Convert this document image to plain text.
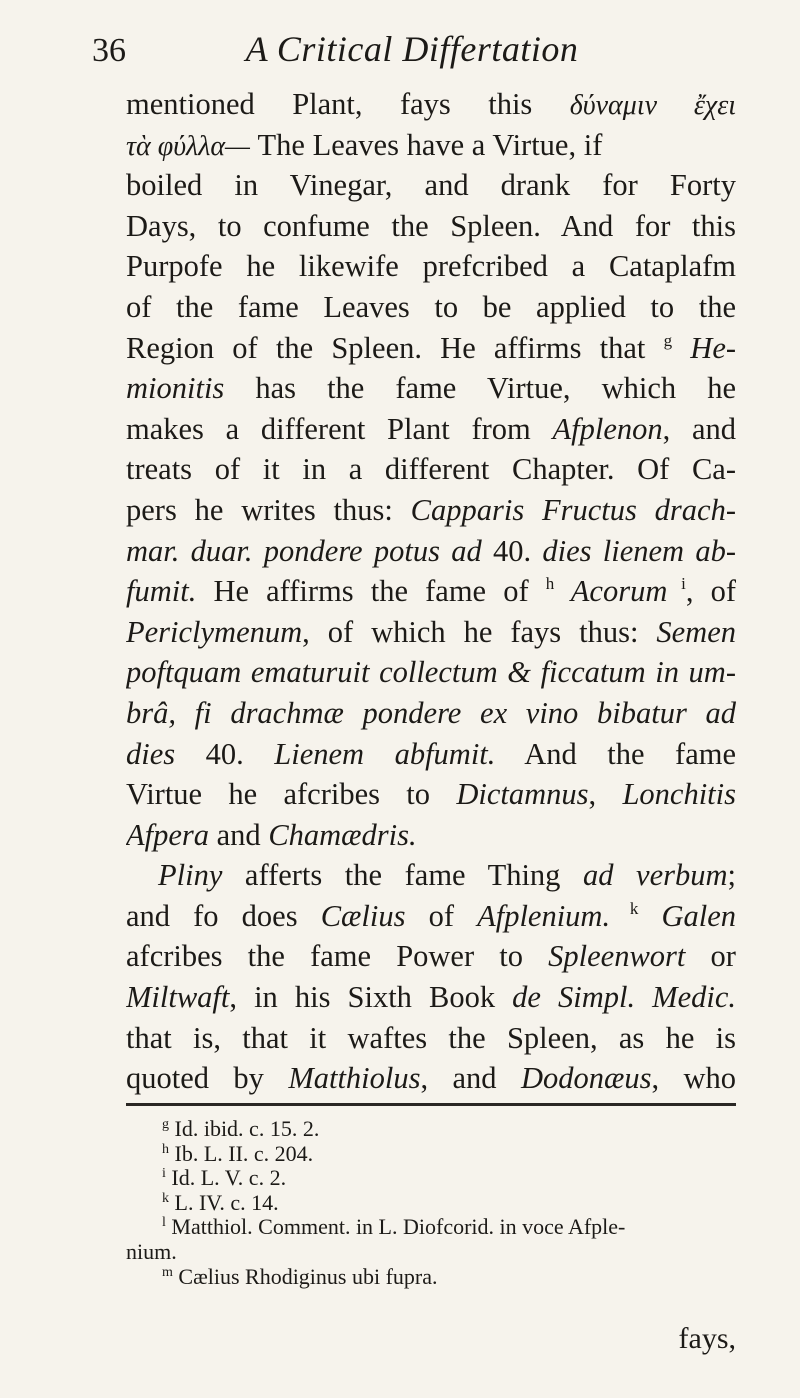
36	A Critical Differtation
mentioned Plant, fays this δύναμιν ἔχει
τὰ φύλλα— The Leaves have a Virtue, if
boiled in Vinegar, and drank for Forty
Days, to confume the Spleen. And for this
Purpofe he likewife prefcribed a Cataplafm
of the fame Leaves to be applied to the
Region of the Spleen. He affirms that $^g$ He-
mionitis has the fame Virtue, which he
makes a different Plant from Afplenon, and
treats of it in a different Chapter. Of Ca-
pers he writes thus: Capparis Fructus drach-
mar. duar. pondere potus ad 40. dies lienem ab-
fumit. He affirms the fame of $^h$ Acorum $^i$, of
Periclymenum, of which he fays thus: Semen
poftquam ematuruit collectum & ficcatum in um-
brâ, fi drachmæ pondere ex vino bibatur ad
dies 40. Lienem abfumit. And the fame
Virtue he afcribes to Dictamnus, Lonchitis
Afpera and Chamædris.
Pliny afferts the fame Thing ad verbum;
and fo does Cælius of Afplenium. $^k$ Galen
afcribes the fame Power to Spleenwort or
Miltwaft, in his Sixth Book de Simpl. Medic.
that is, that it waftes the Spleen, as he is
quoted by Matthiolus, and Dodonæus, who
$^g$ Id. ibid. c. 15. 2.
$^h$ Ib. L. II. c. 204.
$^i$ Id. L. V. c. 2.
$^k$ L. IV. c. 14.
$^l$ Matthiol. Comment. in L. Diofcorid. in voce Afple-
nium.
$^m$ Cælius Rhodiginus ubi fupra.
fays,
